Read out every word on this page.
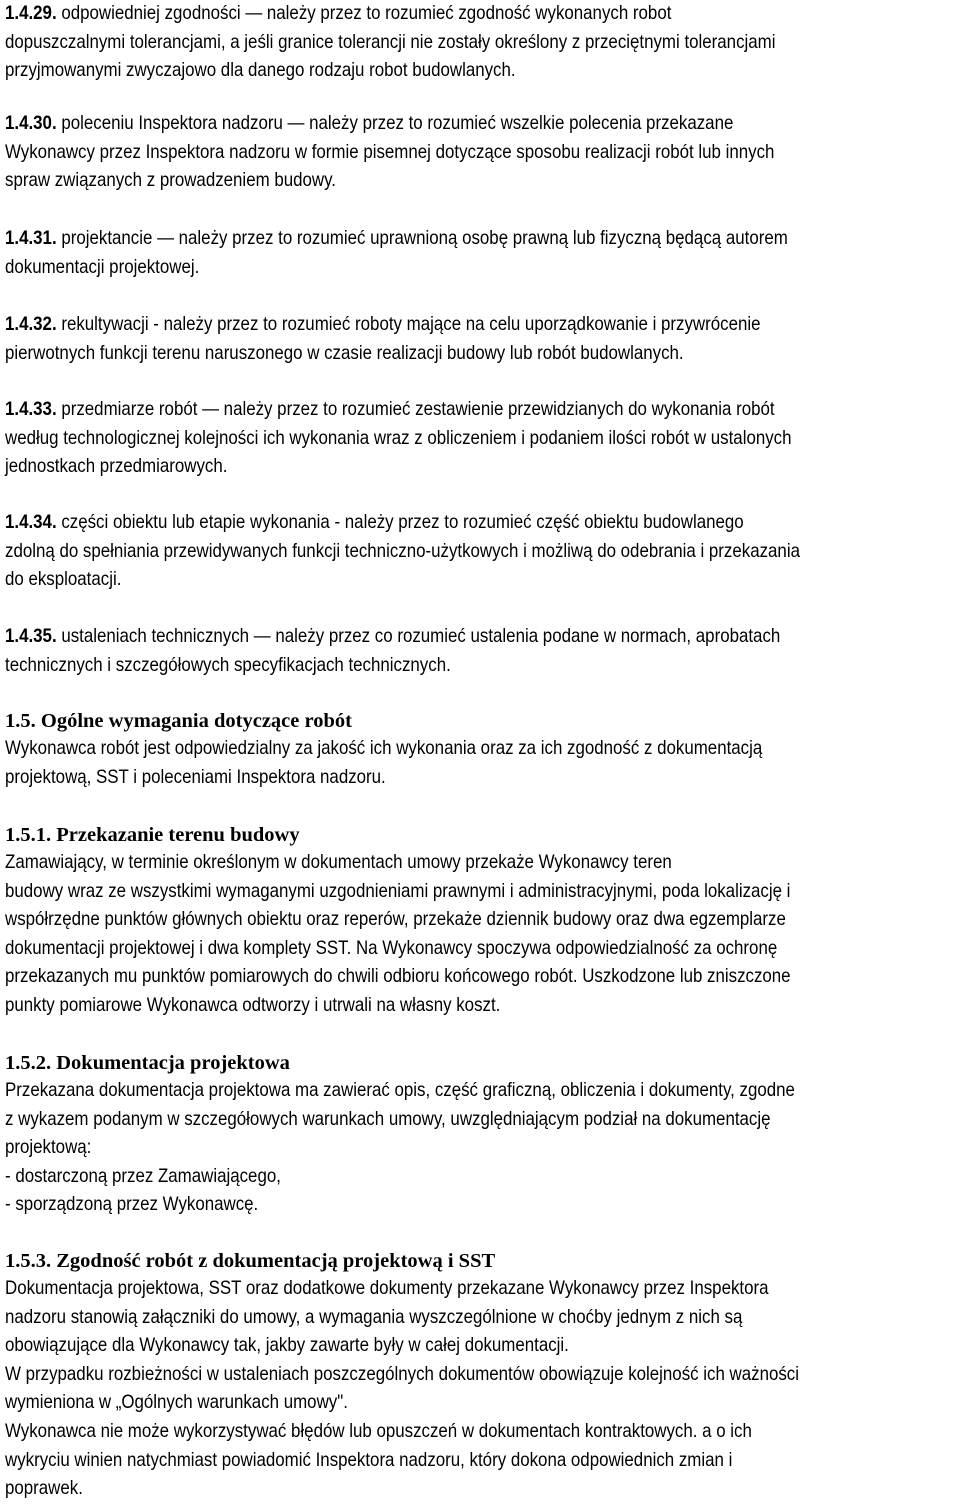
1.4.29. odpowiedniej zgodności — należy przez to rozumieć zgodność wykonanych robot
dopuszczalnymi tolerancjami, a jeśli granice tolerancji nie zostały określony z przeciętnymi tolerancjami
przyjmowanymi zwyczajowo dla danego rodzaju robot budowlanych.
1.4.30. poleceniu Inspektora nadzoru — należy przez to rozumieć wszelkie polecenia przekazane
Wykonawcy przez Inspektora nadzoru w formie pisemnej dotyczące sposobu realizacji robót lub innych
spraw związanych z prowadzeniem budowy.
1.4.31. projektancie — należy przez to rozumieć uprawnioną osobę prawną lub fizyczną będącą autorem
dokumentacji projektowej.
1.4.32. rekultywacji - należy przez to rozumieć roboty mające na celu uporządkowanie i przywrócenie
pierwotnych funkcji terenu naruszonego w czasie realizacji budowy lub robót budowlanych.
1.4.33. przedmiarze robót — należy przez to rozumieć zestawienie przewidzianych do wykonania robót
według technologicznej kolejności ich wykonania wraz z obliczeniem i podaniem ilości robót w ustalonych
jednostkach przedmiarowych.
1.4.34. części obiektu lub etapie wykonania - należy przez to rozumieć część obiektu budowlanego
zdolną do spełniania przewidywanych funkcji techniczno-użytkowych i możliwą do odebrania i przekazania
do eksploatacji.
1.4.35. ustaleniach technicznych — należy przez co rozumieć ustalenia podane w normach, aprobatach
technicznych i szczegółowych specyfikacjach technicznych.
1.5. Ogólne wymagania dotyczące robót
Wykonawca robót jest odpowiedzialny za jakość ich wykonania oraz za ich zgodność z dokumentacją
projektową, SST i poleceniami Inspektora nadzoru.
1.5.1. Przekazanie terenu budowy
Zamawiający, w terminie określonym w dokumentach umowy przekaże Wykonawcy teren
budowy wraz ze wszystkimi wymaganymi uzgodnieniami prawnymi i administracyjnymi, poda lokalizację i
współrzędne punktów głównych obiektu oraz reperów, przekaże dziennik budowy oraz dwa egzemplarze
dokumentacji projektowej i dwa komplety SST. Na Wykonawcy spoczywa odpowiedzialność za ochronę
przekazanych mu punktów pomiarowych do chwili odbioru końcowego robót. Uszkodzone lub zniszczone
punkty pomiarowe Wykonawca odtworzy i utrwali na własny koszt.
1.5.2. Dokumentacja projektowa
Przekazana dokumentacja projektowa ma zawierać opis, część graficzną, obliczenia i dokumenty, zgodne
z wykazem podanym w szczegółowych warunkach umowy, uwzględniającym podział na dokumentację
projektową:
- dostarczoną przez Zamawiającego,
- sporządzoną przez Wykonawcę.
1.5.3. Zgodność robót z dokumentacją projektową i SST
Dokumentacja projektowa, SST oraz dodatkowe dokumenty przekazane Wykonawcy przez Inspektora
nadzoru stanowią załączniki do umowy, a wymagania wyszczególnione w choćby jednym z nich są
obowiązujące dla Wykonawcy tak, jakby zawarte były w całej dokumentacji.
W przypadku rozbieżności w ustaleniach poszczególnych dokumentów obowiązuje kolejność ich ważności
wymieniona w „Ogólnych warunkach umowy".
Wykonawca nie może wykorzystywać błędów lub opuszczeń w dokumentach kontraktowych. a o ich
wykryciu winien natychmiast powiadomić Inspektora nadzoru, który dokona odpowiednich zmian i
poprawek.
